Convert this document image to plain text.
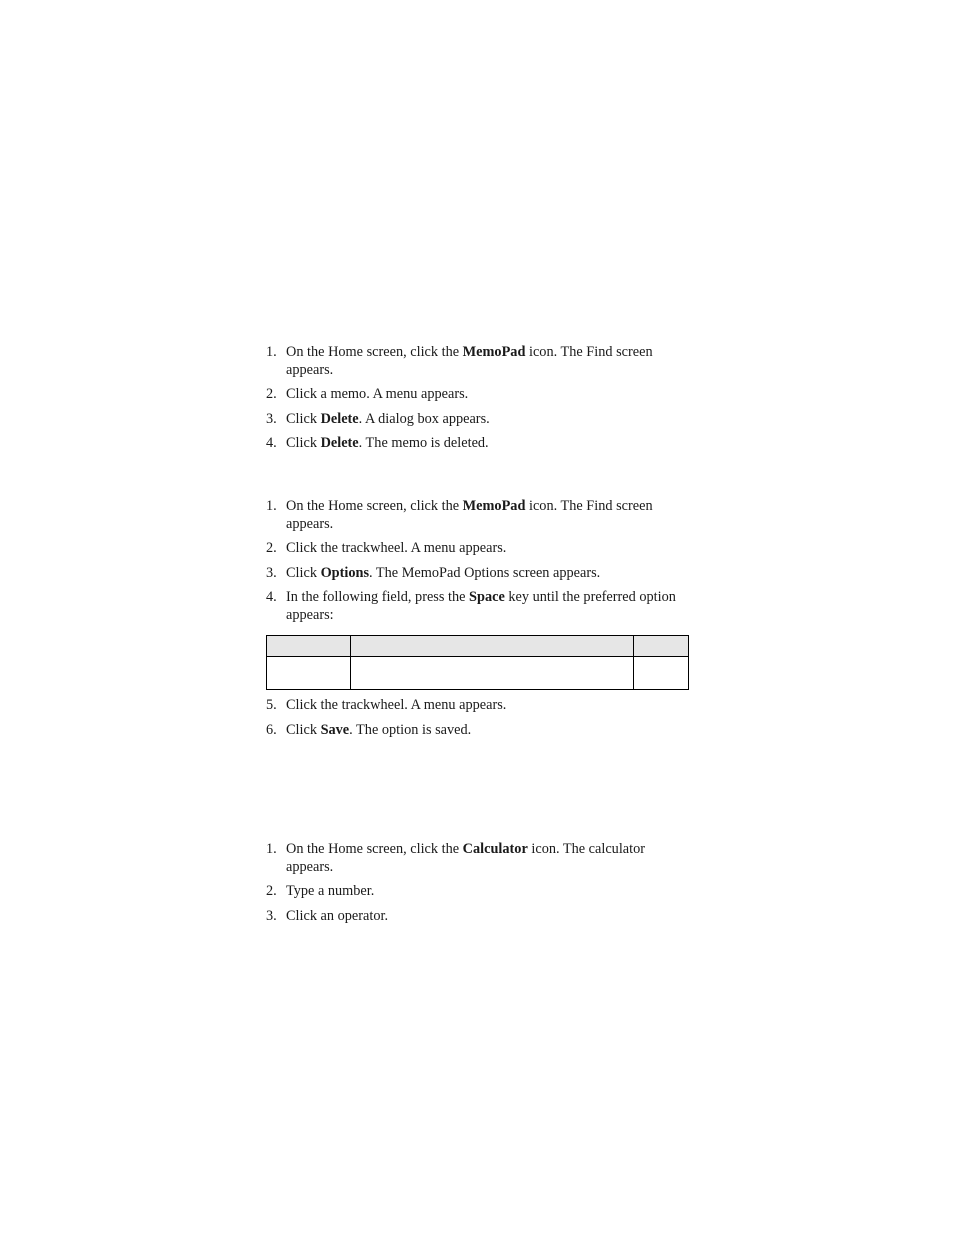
1. On the Home screen, click the MemoPad icon. The Find screen appears.

2. Click a memo. A menu appears.

3. Click Delete. A dialog box appears.

4. Click Delete. The memo is deleted.

1. On the Home screen, click the MemoPad icon. The Find screen appears.

2. Click the trackwheel. A menu appears.

3. Click Options. The MemoPad Options screen appears.

4. In the following field, press the Space key until the preferred option appears:

5. Click the trackwheel. A menu appears.

6. Click Save. The option is saved.

1. On the Home screen, click the Calculator icon. The calculator appears.

2. Type a number.

3. Click an operator.
